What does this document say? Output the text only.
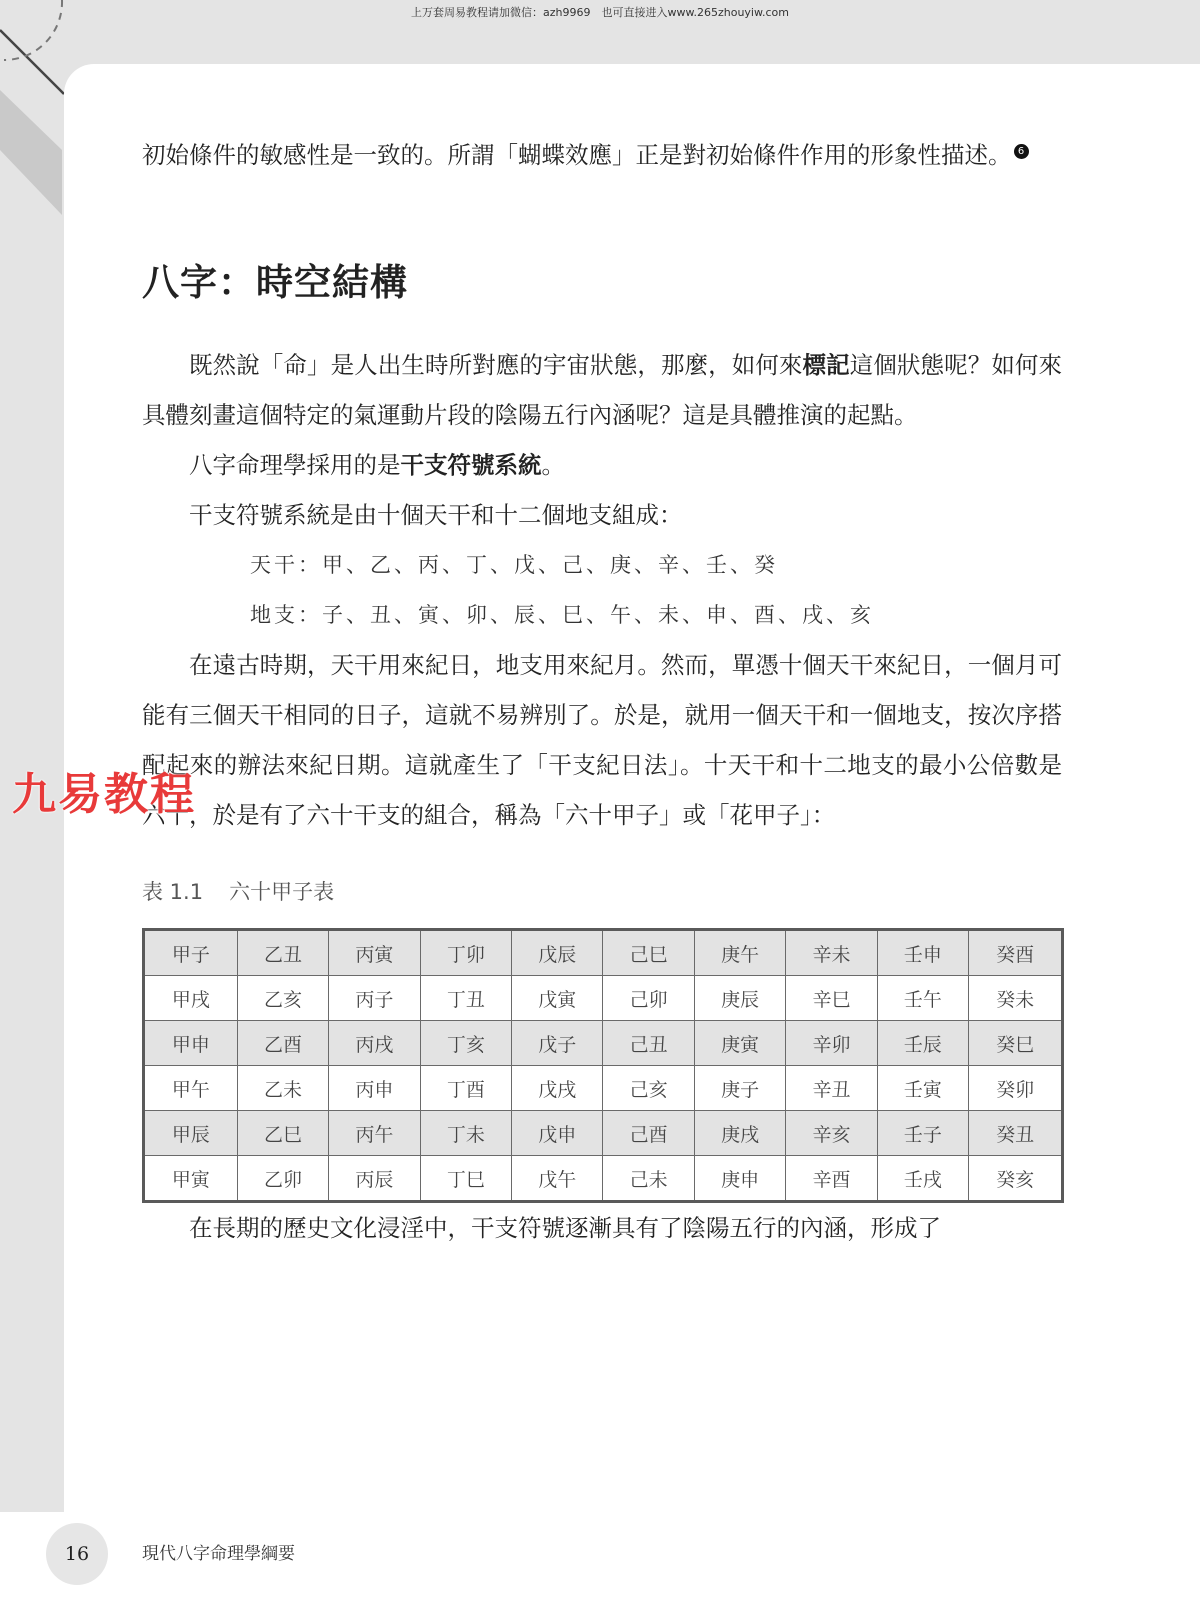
上万套周易教程请加微信：azh9969　也可直接进入www.265zhouyiw.com

初始條件的敏感性是一致的。所謂「蝴蝶效應」正是對初始條件作用的形象性描述。 6

八字：時空結構

既然說「命」是人出生時所對應的宇宙狀態，那麼，如何來標記這個狀態呢？如何來具體刻畫這個特定的氣運動片段的陰陽五行內涵呢？這是具體推演的起點。

八字命理學採用的是干支符號系統。

干支符號系統是由十個天干和十二個地支組成：

天干：甲、乙、丙、丁、戊、己、庚、辛、壬、癸

地支：子、丑、寅、卯、辰、巳、午、未、申、酉、戌、亥

在遠古時期，天干用來紀日，地支用來紀月。然而，單憑十個天干來紀日，一個月可能有三個天干相同的日子，這就不易辨別了。於是，就用一個天干和一個地支，按次序搭配起來的辦法來紀日期。這就產生了「干支紀日法」。十天干和十二地支的最小公倍數是六十，於是有了六十干支的組合，稱為「六十甲子」或「花甲子」：

表 1.1 六十甲子表
甲子	乙丑	丙寅	丁卯	戊辰	己巳	庚午	辛未	壬申	癸酉
甲戌	乙亥	丙子	丁丑	戊寅	己卯	庚辰	辛巳	壬午	癸未
甲申	乙酉	丙戌	丁亥	戊子	己丑	庚寅	辛卯	壬辰	癸巳
甲午	乙未	丙申	丁酉	戊戌	己亥	庚子	辛丑	壬寅	癸卯
甲辰	乙巳	丙午	丁未	戊申	己酉	庚戌	辛亥	壬子	癸丑
甲寅	乙卯	丙辰	丁巳	戊午	己未	庚申	辛酉	壬戌	癸亥

在長期的歷史文化浸淫中，干支符號逐漸具有了陰陽五行的內涵，形成了

九易教程
16	現代八字命理學綱要
